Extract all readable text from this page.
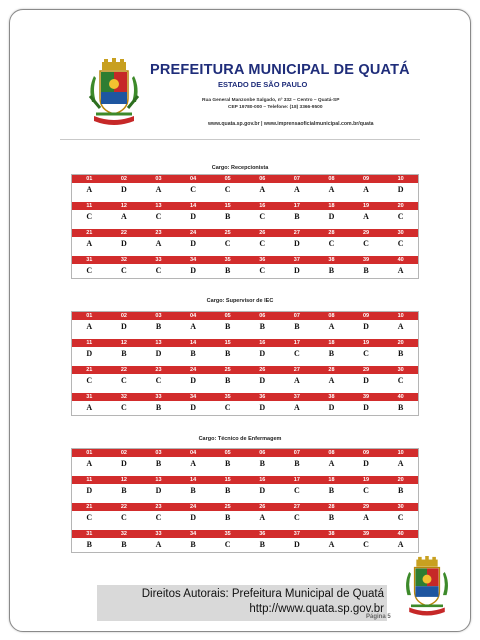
PREFEITURA MUNICIPAL DE QUATÁ
ESTADO DE SÃO PAULO
Rua General Manzonbe Salgado, nº 332 – Centro – Quatá-SP
CEP 19780-000 – Telefone: (18) 3366-9500
www.quata.sp.gov.br | www.imprensaoficialmunicipal.com.br/quata
Cargo: Recepcionista
01	02	03	04	05	06	07	08	09	10
A	D	A	C	C	A	A	A	A	D
11	12	13	14	15	16	17	18	19	20
C	A	C	D	B	C	B	D	A	C
21	22	23	24	25	26	27	28	29	30
A	D	A	D	C	C	D	C	C	C
31	32	33	34	35	36	37	38	39	40
C	C	C	D	B	C	D	B	B	A
Cargo: Supervisor de IEC
01	02	03	04	05	06	07	08	09	10
A	D	B	A	B	B	B	A	D	A
11	12	13	14	15	16	17	18	19	20
D	B	D	B	B	D	C	B	C	B
21	22	23	24	25	26	27	28	29	30
C	C	C	D	B	D	A	A	D	C
31	32	33	34	35	36	37	38	39	40
A	C	B	D	C	D	A	D	D	B
Cargo: Técnico de Enfermagem
01	02	03	04	05	06	07	08	09	10
A	D	B	A	B	B	B	A	D	A
11	12	13	14	15	16	17	18	19	20
D	B	D	B	B	D	C	B	C	B
21	22	23	24	25	26	27	28	29	30
C	C	C	D	B	A	C	B	A	C
31	32	33	34	35	36	37	38	39	40
B	B	A	B	C	B	D	A	C	A
Direitos Autorais: Prefeitura Municipal de Quatá
http://www.quata.sp.gov.br
Página 5
